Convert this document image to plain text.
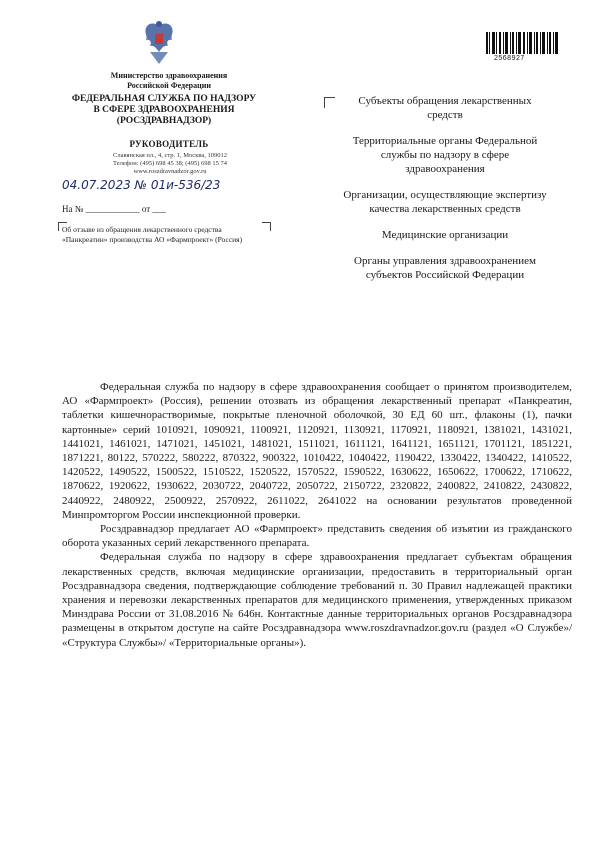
Министерство здравоохранения
Российской Федерации
ФЕДЕРАЛЬНАЯ СЛУЖБА ПО НАДЗОРУ
В СФЕРЕ ЗДРАВООХРАНЕНИЯ
(РОСЗДРАВНАДЗОР)
РУКОВОДИТЕЛЬ
Славянская пл., 4, стр. 1, Москва, 109012
Телефон: (495) 698 45 38; (495) 698 15 74
www.roszdravnadzor.gov.ru
04.07.2023 № 01и-536/23
На № ____________ от ___
Об отзыве из обращения лекарственного средства «Панкреатин» производства АО «Фармпроект» (Россия)
2568927
Субъекты обращения лекарственных средств
Территориальные органы Федеральной службы по надзору в сфере здравоохранения
Организации, осуществляющие экспертизу качества лекарственных средств
Медицинские организации
Органы управления здравоохранением субъектов Российской Федерации

Федеральная служба по надзору в сфере здравоохранения сообщает о принятом производителем, АО «Фармпроект» (Россия), решении отозвать из обращения лекарственный препарат «Панкреатин, таблетки кишечнорастворимые, покрытые пленочной оболочкой, 30 ЕД 60 шт., флаконы (1), пачки картонные» серий 1010921, 1090921, 1100921, 1120921, 1130921, 1170921, 1180921, 1381021, 1431021, 1441021, 1461021, 1471021, 1451021, 1481021, 1511021, 1611121, 1641121, 1651121, 1701121, 1851221, 1871221, 80122, 570222, 580222, 870322, 900322, 1010422, 1040422, 1190422, 1330422, 1340422, 1410522, 1420522, 1490522, 1500522, 1510522, 1520522, 1570522, 1590522, 1630622, 1650622, 1700622, 1710622, 1870622, 1920622, 1930622, 2030722, 2040722, 2050722, 2150722, 2320822, 2400822, 2410822, 2430822, 2440922, 2480922, 2500922, 2570922, 2611022, 2641022 на основании результатов проведенной Минпромторгом России инспекционной проверки.

Росздравнадзор предлагает АО «Фармпроект» представить сведения об изъятии из гражданского оборота указанных серий лекарственного препарата.

Федеральная служба по надзору в сфере здравоохранения предлагает субъектам обращения лекарственных средств, включая медицинские организации, предоставить в территориальный орган Росздравнадзора сведения, подтверждающие соблюдение требований п. 30 Правил надлежащей практики хранения и перевозки лекарственных препаратов для медицинского применения, утвержденных приказом Минздрава России от 31.08.2016 № 646н. Контактные данные территориальных органов Росздравнадзора размещены в открытом доступе на сайте Росздравнадзора www.roszdravnadzor.gov.ru (раздел «О Службе»/ «Структура Службы»/ «Территориальные органы»).
